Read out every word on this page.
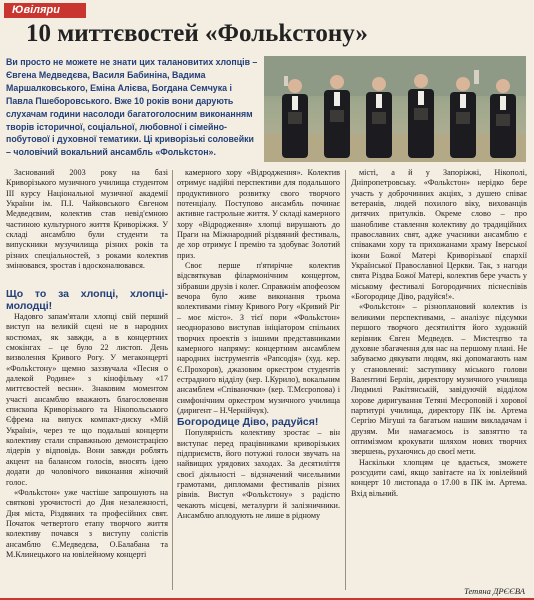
Ювіляри
10 миттєвостей «Фольkстону»

Ви просто не можете не знати цих талановитих хлопців – Євгена Медведєва, Василя Бабиніна, Вадима Маршалковського, Еміна Алієва, Богдана Семчука і Павла Пшеборовського. Вже 10 років вони дарують слухачам години насолоди багатоголосним виконанням творів історичної, соціальної, любовної і сімейно-побутової і духовної тематики. Ці криворізькі соловейки – чоловічий вокальний ансамбль «Фольkстон».

Заснований 2003 року на базі Криворізького музичного училища студентом III курсу Національної музичної академії України ім. П.І. Чайковського Євгеном Медведєвим, колектив став невід'ємною частиною культурного життя Криворіжжя. У складі ансамблю були студенти та випускники музучилища різних років та різних спеціальностей, з роками колектив змінювався, зростав і вдосконалювався.

Що то за хлопці, хлопці-молодці!

Надовго запам'ятали хлопці свій перший виступ на великій сцені не в народних костюмах, як завжди, а в концертних смокінгах – це було 22 листоп. День визволення Кривого Рогу. У мегаконцерті «Фольkстону» щемно заззвучала «Песня о далекой Родине» з кінофільму «17 миттєвостей весни». Знаковим моментом участі ансамблю вважають благословення єпископа Криворізького та Нікопольського Єфрема на випуск компакт-диску «Мій Україні», через те що подальші концерти колективу стали справжньою демонстрацією лідерів у відповідь. Вони завжди роблять акцент на балансом голосів, вносять ідею додати до чоловічого виконання жіночий голос.

«Фольkстон» уже частіше запрошують на святкові урочистості до Дня незалежності, Дня міста, Різдвяних та професійних свят. Початок четвертого етапу творчого життя колективу почався з виступу солістів ансамблю Є.Медведєва, О.Балабана та М.Клинецького на ювілейному концерті

камерного хору «Відродження». Колектив отримує надійні перспективи для подальшого продуктивного розвитку свого творчого потенціалу. Поступово ансамбль починає активне гастрольне життя. У складі камерного хору «Відродження» хлопці вирушають до Праги на Міжнародний різдвяний фестиваль, де хор отримує І премію та здобуває Золотий приз.

Своє перше п'ятирічне колектив відсвяткував філармонічним концертом, зібравши друзів і колег. Справжнім апофеозом вечора було живе виконання трьома колективами гімну Кривого Рогу «Кривий Ріг – моє місто». З тієї пори «Фольkстон» неодноразово виступав ініціатором спільних творчих проектів з іншими представниками камерного напряму: концертним ансамблем народних інструментів «Рапсодія» (худ. кер. Є.Прохоров), джазовим оркестром студентів естрадного відділу (кер. І.Курило), вокальним ансамблем «Співаночки» (кер. Т.Мєсропова) і симфонічним оркестром музичного училища (диригент – Н.Чернійчук).

Богородице Діво, радуйся!

Популярність колективу зростає – він виступає перед працівниками криворізьких підприємств, його потужні голоси звучать на найвищих урядових заходах. За десятиліття своєї діяльності – відзначений чисельними грамотами, дипломами фестивалів різних рівнів. Виступ «Фольkстону» з радістю чекають місцеві, металурги й залізничники. Ансамблю аплодують не лише в рідному

місті, а й у Запоріжжі, Нікополі, Дніпропетровську. «Фольkстон» нерідко бере участь у доброчинних акціях, з душею співає ветеранів, людей похилого віку, вихованців дитячих притулків. Окреме слово – про шанобливе ставлення колективу до традиційних православних свят, адже учасники ансамблю є співаками хору та прихожанами храму Іверської ікони Божої Матері Криворізької єпархії Української Православної Церкви. Так, з нагоди свята Різдва Божої Матері, колектив бере участь у міському фестивалі Богородичних піснеспівів «Богородице Діво, радуйся!».

«Фольkстон» – різноплановий колектив із великими перспективами, – аналізує підсумки першого творчого десятиліття його художній керівник Євген Медведєв. – Мистецтво та духовне збагачення для нас на першому плані. Не забуваємо дякувати людям, які допомагають нам у становленні: заступнику міського голови Валентині Берлін, директору музичного училища Людмилі Ракітянській, завідуючій відділом хорове диригування Тетяні Месроповій і хорової партитурі училища, директору ПК ім. Артема Сергію Мігуші та багатьом нашим викладачам і друзям. Ми намагаємось із завзяттю та оптимізмом крокувати шляхом нових творчих звершень, рухаючись до своєї мети.

Наскільки хлопцям це вдається, зможете розсудити самі, якщо завітаєте на їх ювілейний концерт 10 листопада о 17.00 в ПК ім. Артема. Вхід вільний.

Тетяна ДРЄЄВА
